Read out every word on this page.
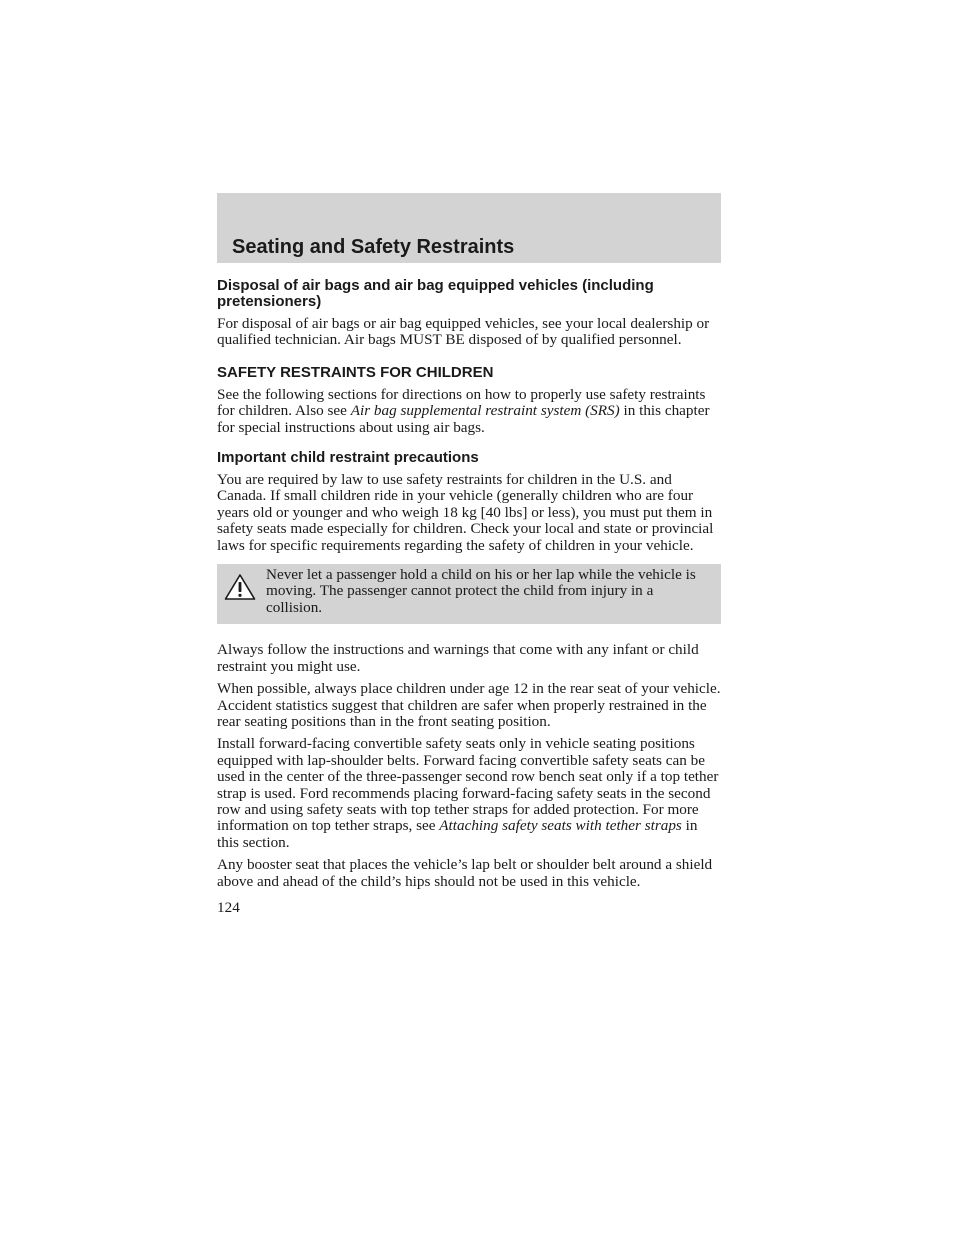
Seating and Safety Restraints
Disposal of air bags and air bag equipped vehicles (including pretensioners)

For disposal of air bags or air bag equipped vehicles, see your local dealership or qualified technician. Air bags MUST BE disposed of by qualified personnel.

SAFETY RESTRAINTS FOR CHILDREN

See the following sections for directions on how to properly use safety restraints for children. Also see Air bag supplemental restraint system (SRS) in this chapter for special instructions about using air bags.

Important child restraint precautions

You are required by law to use safety restraints for children in the U.S. and Canada. If small children ride in your vehicle (generally children who are four years old or younger and who weigh 18 kg [40 lbs] or less), you must put them in safety seats made especially for children. Check your local and state or provincial laws for specific requirements regarding the safety of children in your vehicle.

Never let a passenger hold a child on his or her lap while the vehicle is moving. The passenger cannot protect the child from injury in a collision.

Always follow the instructions and warnings that come with any infant or child restraint you might use.

When possible, always place children under age 12 in the rear seat of your vehicle. Accident statistics suggest that children are safer when properly restrained in the rear seating positions than in the front seating position.

Install forward-facing convertible safety seats only in vehicle seating positions equipped with lap-shoulder belts. Forward facing convertible safety seats can be used in the center of the three-passenger second row bench seat only if a top tether strap is used. Ford recommends placing forward-facing safety seats in the second row and using safety seats with top tether straps for added protection. For more information on top tether straps, see Attaching safety seats with tether straps in this section.

Any booster seat that places the vehicle’s lap belt or shoulder belt around a shield above and ahead of the child’s hips should not be used in this vehicle.

124
